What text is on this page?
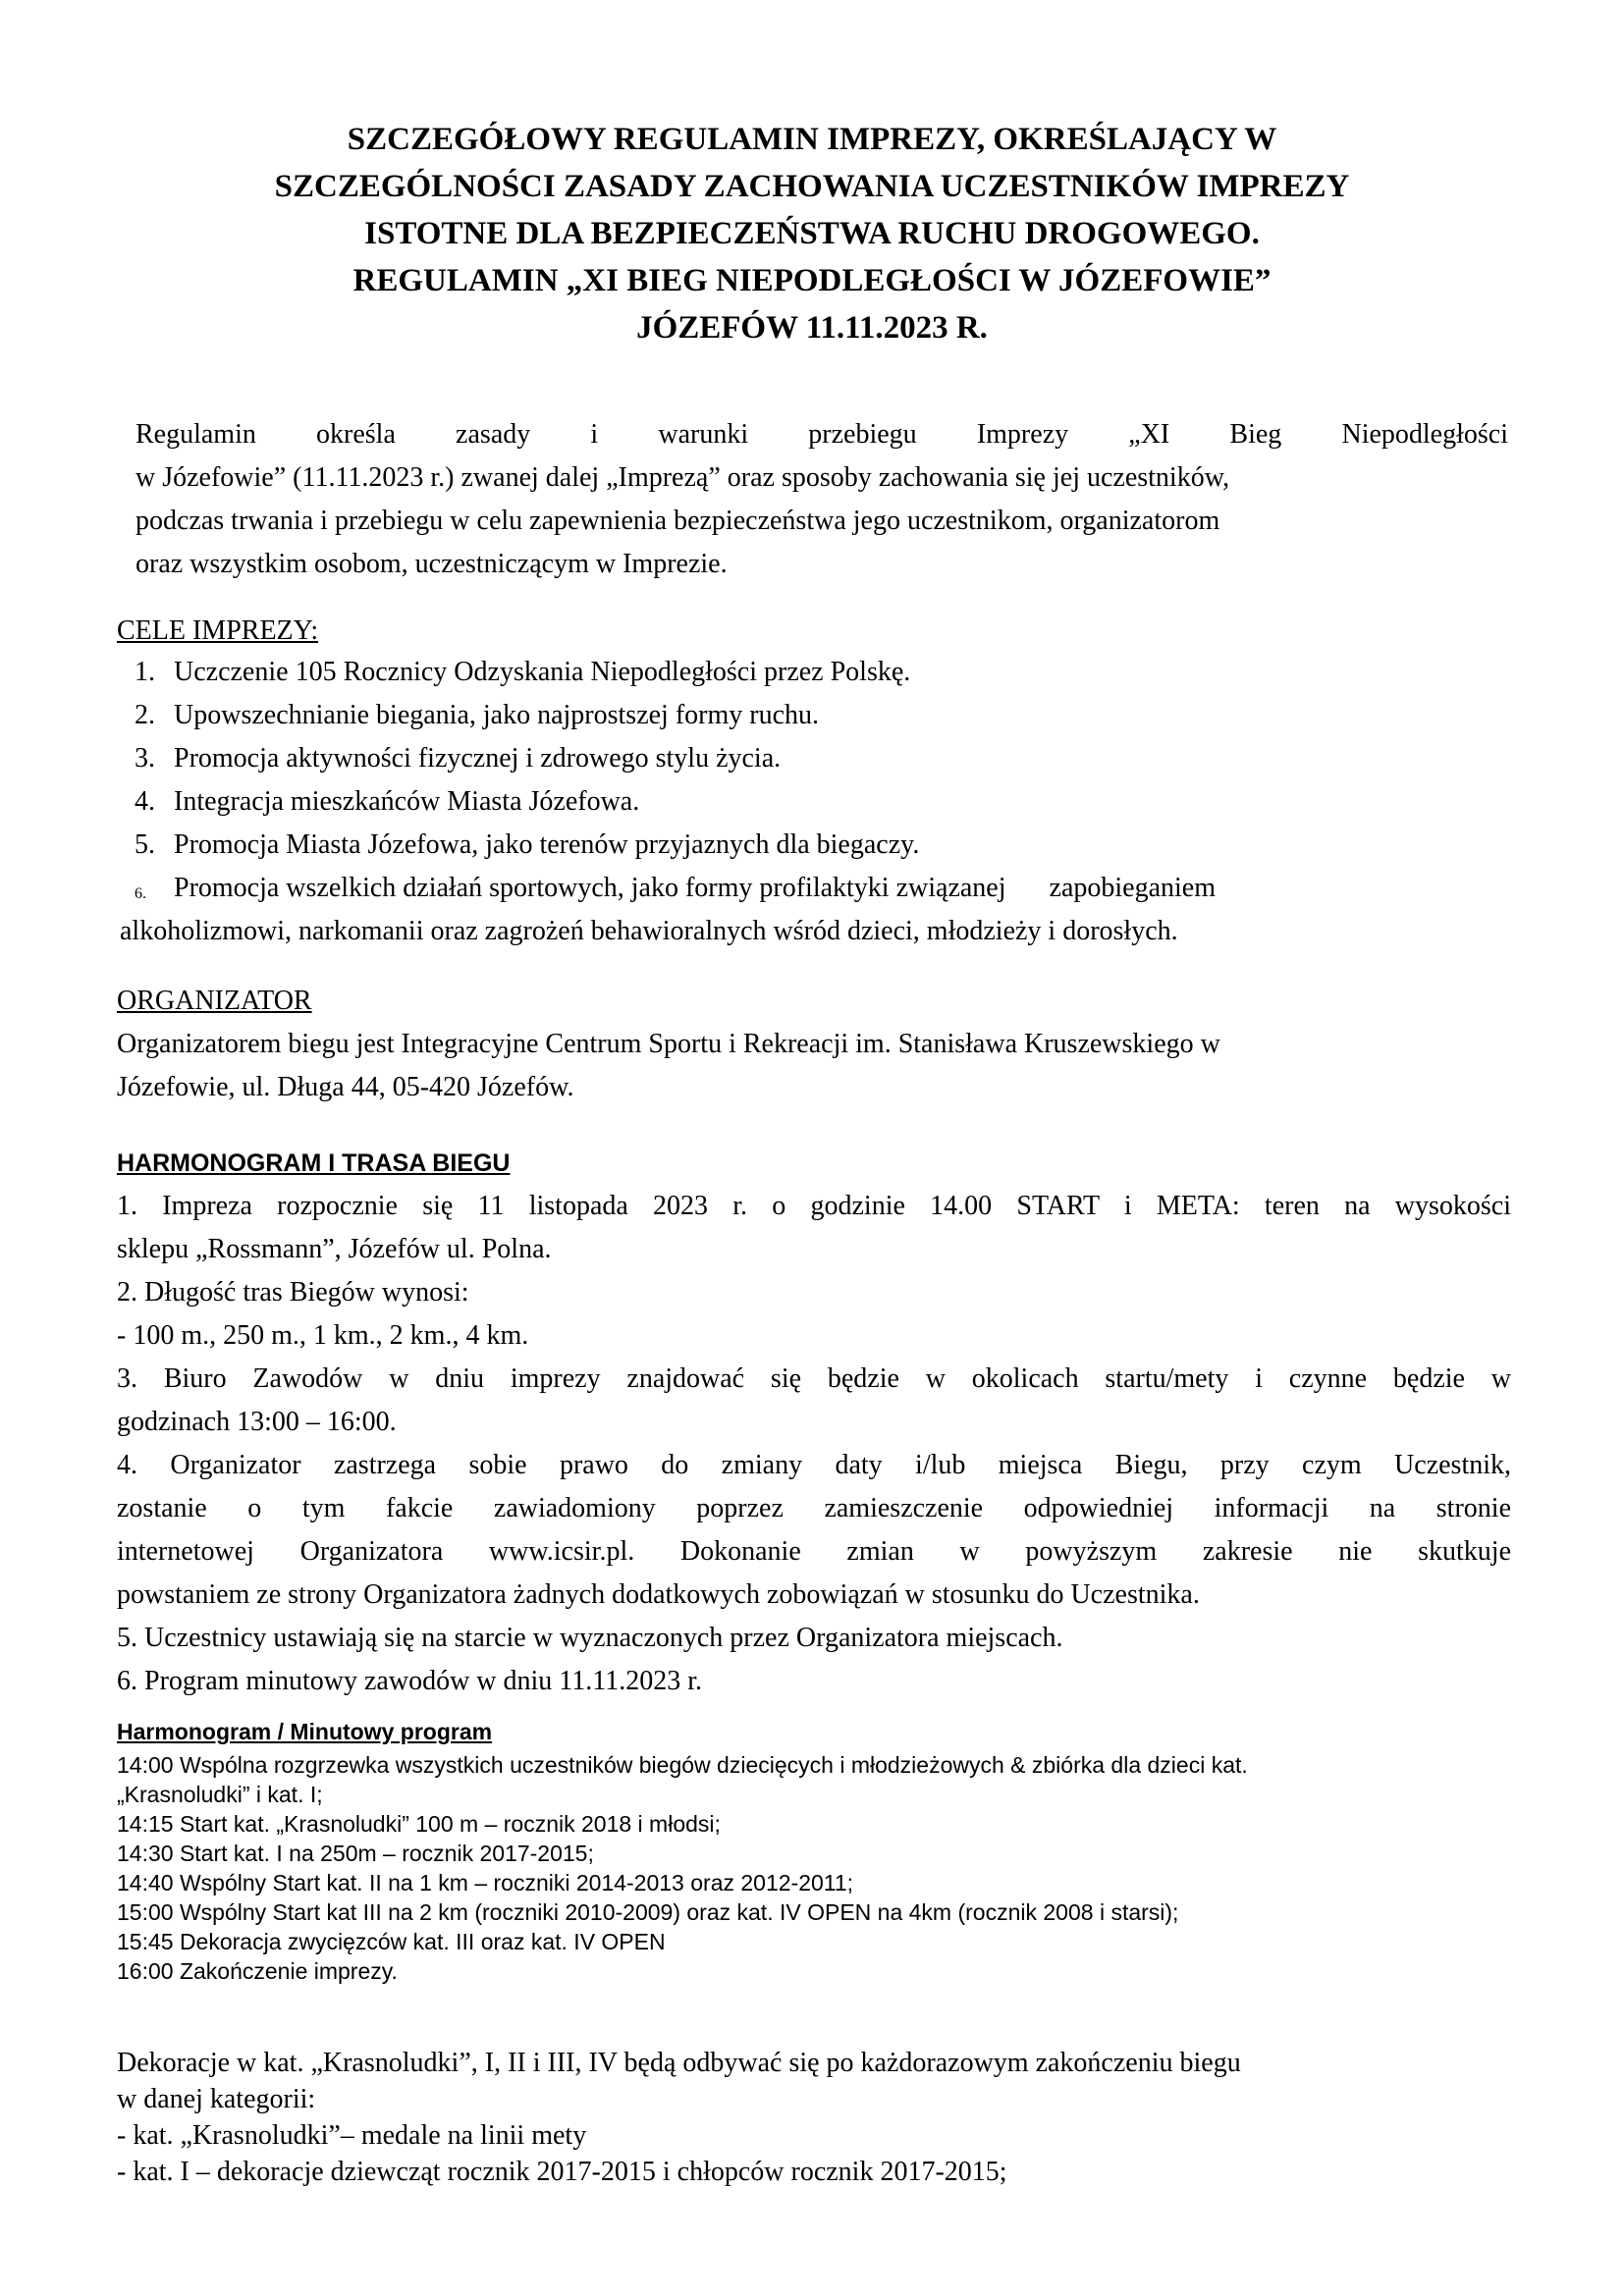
SZCZEGÓŁOWY REGULAMIN IMPREZY, OKREŚLAJĄCY W
SZCZEGÓLNOŚCI ZASADY ZACHOWANIA UCZESTNIKÓW IMPREZY
ISTOTNE DLA BEZPIECZEŃSTWA RUCHU DROGOWEGO.
REGULAMIN „XI BIEG NIEPODLEGŁOŚCI W JÓZEFOWIE”
JÓZEFÓW 11.11.2023 R.
Regulamin określa zasady i warunki przebiegu Imprezy „XI Bieg Niepodległości
w Józefowie” (11.11.2023 r.) zwanej dalej „Imprezą” oraz sposoby zachowania się jej uczestników,
podczas trwania i przebiegu w celu zapewnienia bezpieczeństwa jego uczestnikom, organizatorom
oraz wszystkim osobom, uczestniczącym w Imprezie.
CELE IMPREZY:
1. Uczczenie 105 Rocznicy Odzyskania Niepodległości przez Polskę.
2. Upowszechnianie biegania, jako najprostszej formy ruchu.
3. Promocja aktywności fizycznej i zdrowego stylu życia.
4. Integracja mieszkańców Miasta Józefowa.
5. Promocja Miasta Józefowa, jako terenów przyjaznych dla biegaczy.
6. Promocja wszelkich działań sportowych, jako formy profilaktyki związanej zapobieganiem
alkoholizmowi, narkomanii oraz zagrożeń behawioralnych wśród dzieci, młodzieży i dorosłych.
ORGANIZATOR
Organizatorem biegu jest Integracyjne Centrum Sportu i Rekreacji im. Stanisława Kruszewskiego w
Józefowie, ul. Długa 44, 05-420 Józefów.
HARMONOGRAM I TRASA BIEGU
1. Impreza rozpocznie się 11 listopada 2023 r. o godzinie 14.00 START i META: teren na wysokości
sklepu „Rossmann”, Józefów ul. Polna.
2. Długość tras Biegów wynosi:
- 100 m., 250 m., 1 km., 2 km., 4 km.
3. Biuro Zawodów w dniu imprezy znajdować się będzie w okolicach startu/mety i czynne będzie w
godzinach 13:00 – 16:00.
4. Organizator zastrzega sobie prawo do zmiany daty i/lub miejsca Biegu, przy czym Uczestnik,
zostanie o tym fakcie zawiadomiony poprzez zamieszczenie odpowiedniej informacji na stronie
internetowej Organizatora www.icsir.pl. Dokonanie zmian w powyższym zakresie nie skutkuje
powstaniem ze strony Organizatora żadnych dodatkowych zobowiązań w stosunku do Uczestnika.
5. Uczestnicy ustawiają się na starcie w wyznaczonych przez Organizatora miejscach.
6. Program minutowy zawodów w dniu 11.11.2023 r.
Harmonogram / Minutowy program
14:00 Wspólna rozgrzewka wszystkich uczestników biegów dziecięcych i młodzieżowych & zbiórka dla dzieci kat.
„Krasnoludki” i kat. I;
14:15 Start kat. „Krasnoludki” 100 m – rocznik 2018 i młodsi;
14:30 Start kat. I na 250m – rocznik 2017-2015;
14:40 Wspólny Start kat. II na 1 km – roczniki 2014-2013 oraz 2012-2011;
15:00 Wspólny Start kat III na 2 km (roczniki 2010-2009) oraz kat. IV OPEN na 4km (rocznik 2008 i starsi);
15:45 Dekoracja zwycięzców kat. III oraz kat. IV OPEN
16:00 Zakończenie imprezy.
Dekoracje w kat. „Krasnoludki”, I, II i III, IV będą odbywać się po każdorazowym zakończeniu biegu
w danej kategorii:
- kat. „Krasnoludki”– medale na linii mety
- kat. I – dekoracje dziewcząt rocznik 2017-2015 i chłopców rocznik 2017-2015;
